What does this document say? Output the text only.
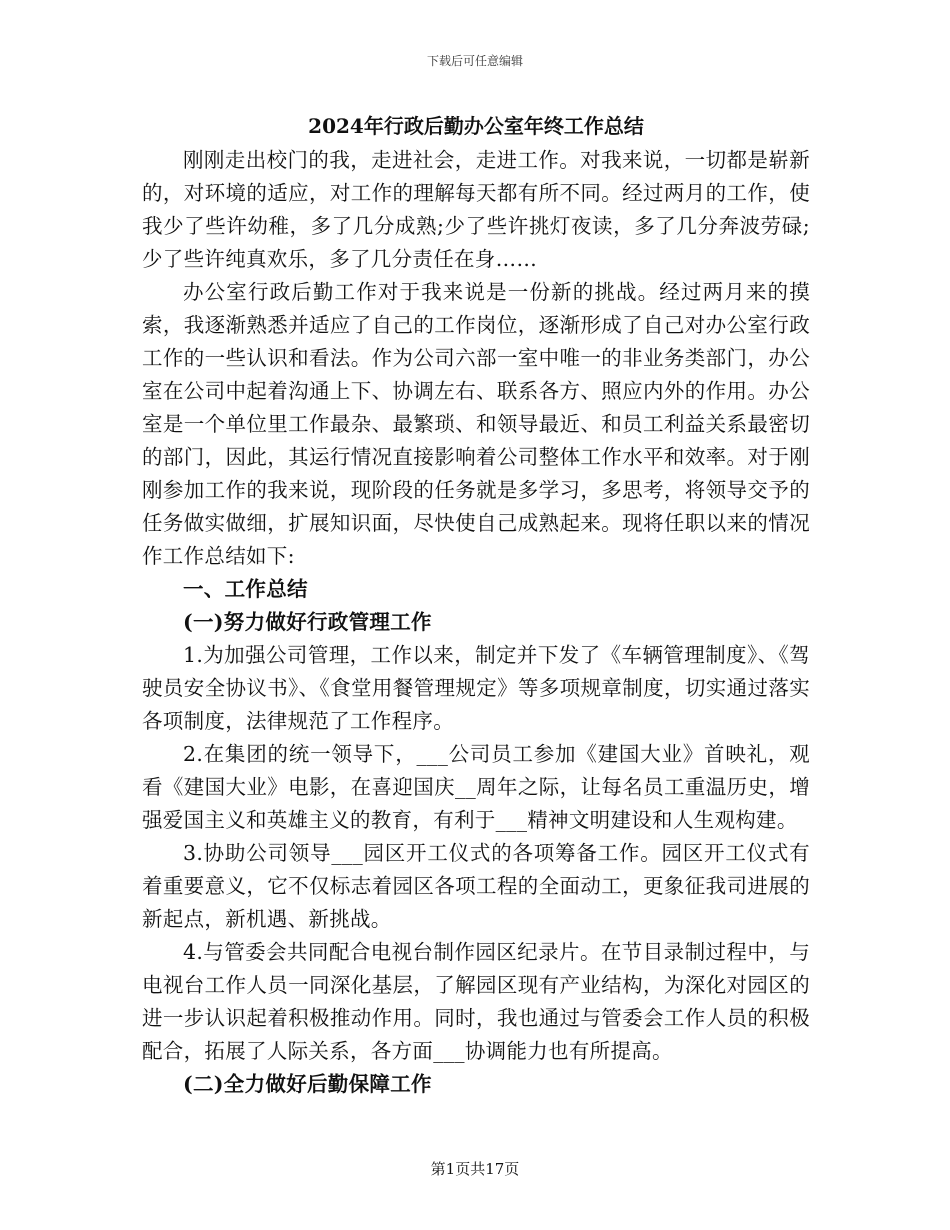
下载后可任意编辑
2024年行政后勤办公室年终工作总结

刚刚走出校门的我，走进社会，走进工作。对我来说，一切都是崭新的，对环境的适应，对工作的理解每天都有所不同。经过两月的工作，使我少了些许幼稚，多了几分成熟;少了些许挑灯夜读，多了几分奔波劳碌;少了些许纯真欢乐，多了几分责任在身……

办公室行政后勤工作对于我来说是一份新的挑战。经过两月来的摸索，我逐渐熟悉并适应了自己的工作岗位，逐渐形成了自己对办公室行政工作的一些认识和看法。作为公司六部一室中唯一的非业务类部门，办公室在公司中起着沟通上下、协调左右、联系各方、照应内外的作用。办公室是一个单位里工作最杂、最繁琐、和领导最近、和员工利益关系最密切的部门，因此，其运行情况直接影响着公司整体工作水平和效率。对于刚刚参加工作的我来说，现阶段的任务就是多学习，多思考，将领导交予的任务做实做细，扩展知识面，尽快使自己成熟起来。现将任职以来的情况作工作总结如下:

一、工作总结

(一)努力做好行政管理工作

1.为加强公司管理，工作以来，制定并下发了《车辆管理制度》、《驾驶员安全协议书》、《食堂用餐管理规定》等多项规章制度，切实通过落实各项制度，法律规范了工作程序。

2.在集团的统一领导下，___公司员工参加《建国大业》首映礼，观看《建国大业》电影，在喜迎国庆__周年之际，让每名员工重温历史，增强爱国主义和英雄主义的教育，有利于___精神文明建设和人生观构建。

3.协助公司领导___园区开工仪式的各项筹备工作。园区开工仪式有着重要意义，它不仅标志着园区各项工程的全面动工，更象征我司进展的新起点，新机遇、新挑战。

4.与管委会共同配合电视台制作园区纪录片。在节目录制过程中，与电视台工作人员一同深化基层，了解园区现有产业结构，为深化对园区的进一步认识起着积极推动作用。同时，我也通过与管委会工作人员的积极配合，拓展了人际关系，各方面___协调能力也有所提高。

(二)全力做好后勤保障工作

第1页共17页
